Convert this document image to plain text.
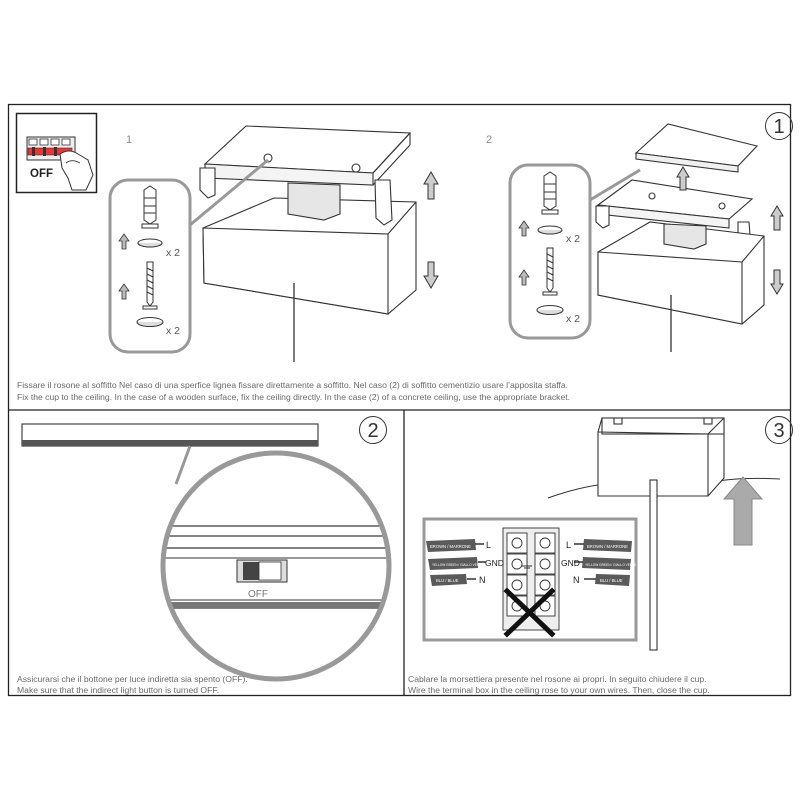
OFF
1	2
x 2
x 2
x 2
x 2
OFF
BROWN / MARRONE
YELLOW GREEN / GIALLO VERDE
BLU / BLUE
BROWN / MARRONE
YELLOW GREEN / GIALLO VERDE
BLU / BLUE
L
GND
N
L
GND
N
1
2	3
Fissare il rosone al soffitto Nel caso di una sperfice lignea fissare direttamente a soffitto. Nel caso (2) di soffitto cementizio usare l’apposita staffa.
Fix the cup to the ceiling. In the case of a wooden surface, fix the ceiling directly. In the case (2) of a concrete ceiling, use the appropriate bracket.
Assicurarsi che il bottone per luce indiretta sia spento (OFF).
Make sure that the indirect light button is turned OFF.
Cablare la morsettiera presente nel rosone ai propri. In seguito chiudere il cup.
Wire the terminal box in the ceiling rose to your own wires. Then, close the cup.
